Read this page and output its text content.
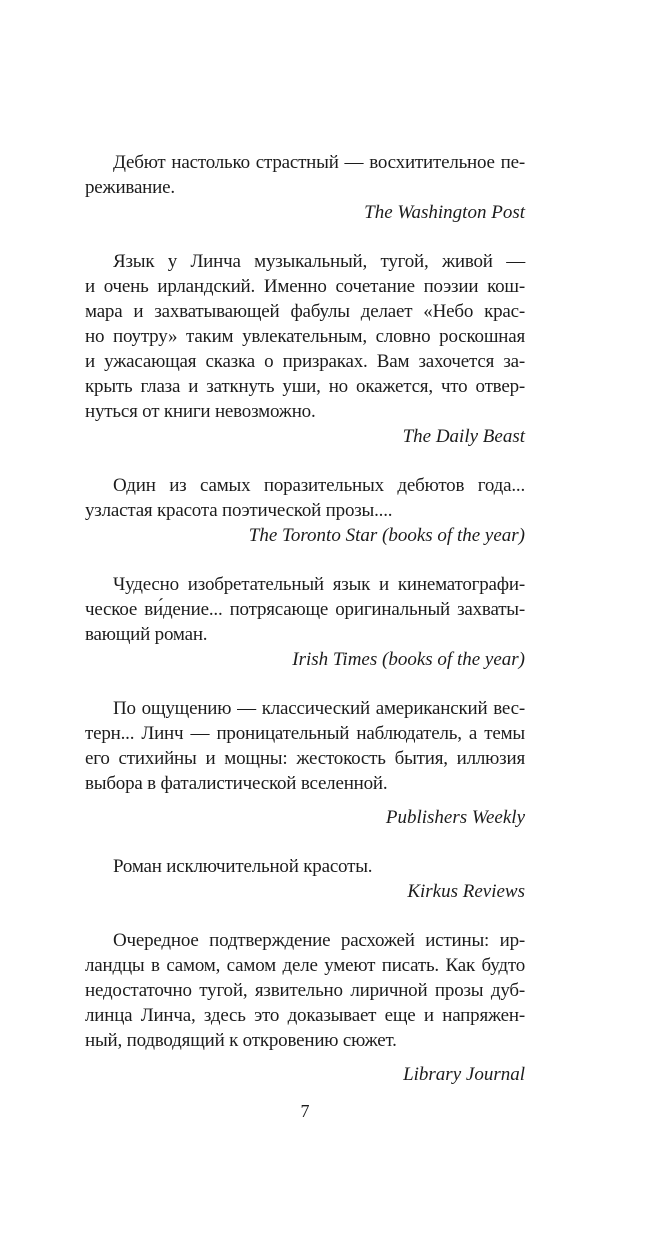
Дебют настолько страстный — восхитительное пе-
реживание.
The Washington Post
Язык у Линча музыкальный, тугой, живой —
и очень ирландский. Именно сочетание поэзии кош-
мара и захватывающей фабулы делает «Небо крас-
но поутру» таким увлекательным, словно роскошная
и ужасающая сказка о призраках. Вам захочется за-
крыть глаза и заткнуть уши, но окажется, что отвер-
нуться от книги невозможно.
The Daily Beast
Один из самых поразительных дебютов года...
узластая красота поэтической прозы....
The Toronto Star (books of the year)
Чудесно изобретательный язык и кинематографи-
ческое ви́дение... потрясающе оригинальный захваты-
вающий роман.
Irish Times (books of the year)
По ощущению — классический американский вес-
терн... Линч — проницательный наблюдатель, а темы
его стихийны и мощны: жестокость бытия, иллюзия
выбора в фаталистической вселенной.
Publishers Weekly
Роман исключительной красоты.
Kirkus Reviews
Очередное подтверждение расхожей истины: ир-
ландцы в самом, самом деле умеют писать. Как будто
недостаточно тугой, язвительно лиричной прозы дуб-
линца Линча, здесь это доказывает еще и напряжен-
ный, подводящий к откровению сюжет.
Library Journal
7
